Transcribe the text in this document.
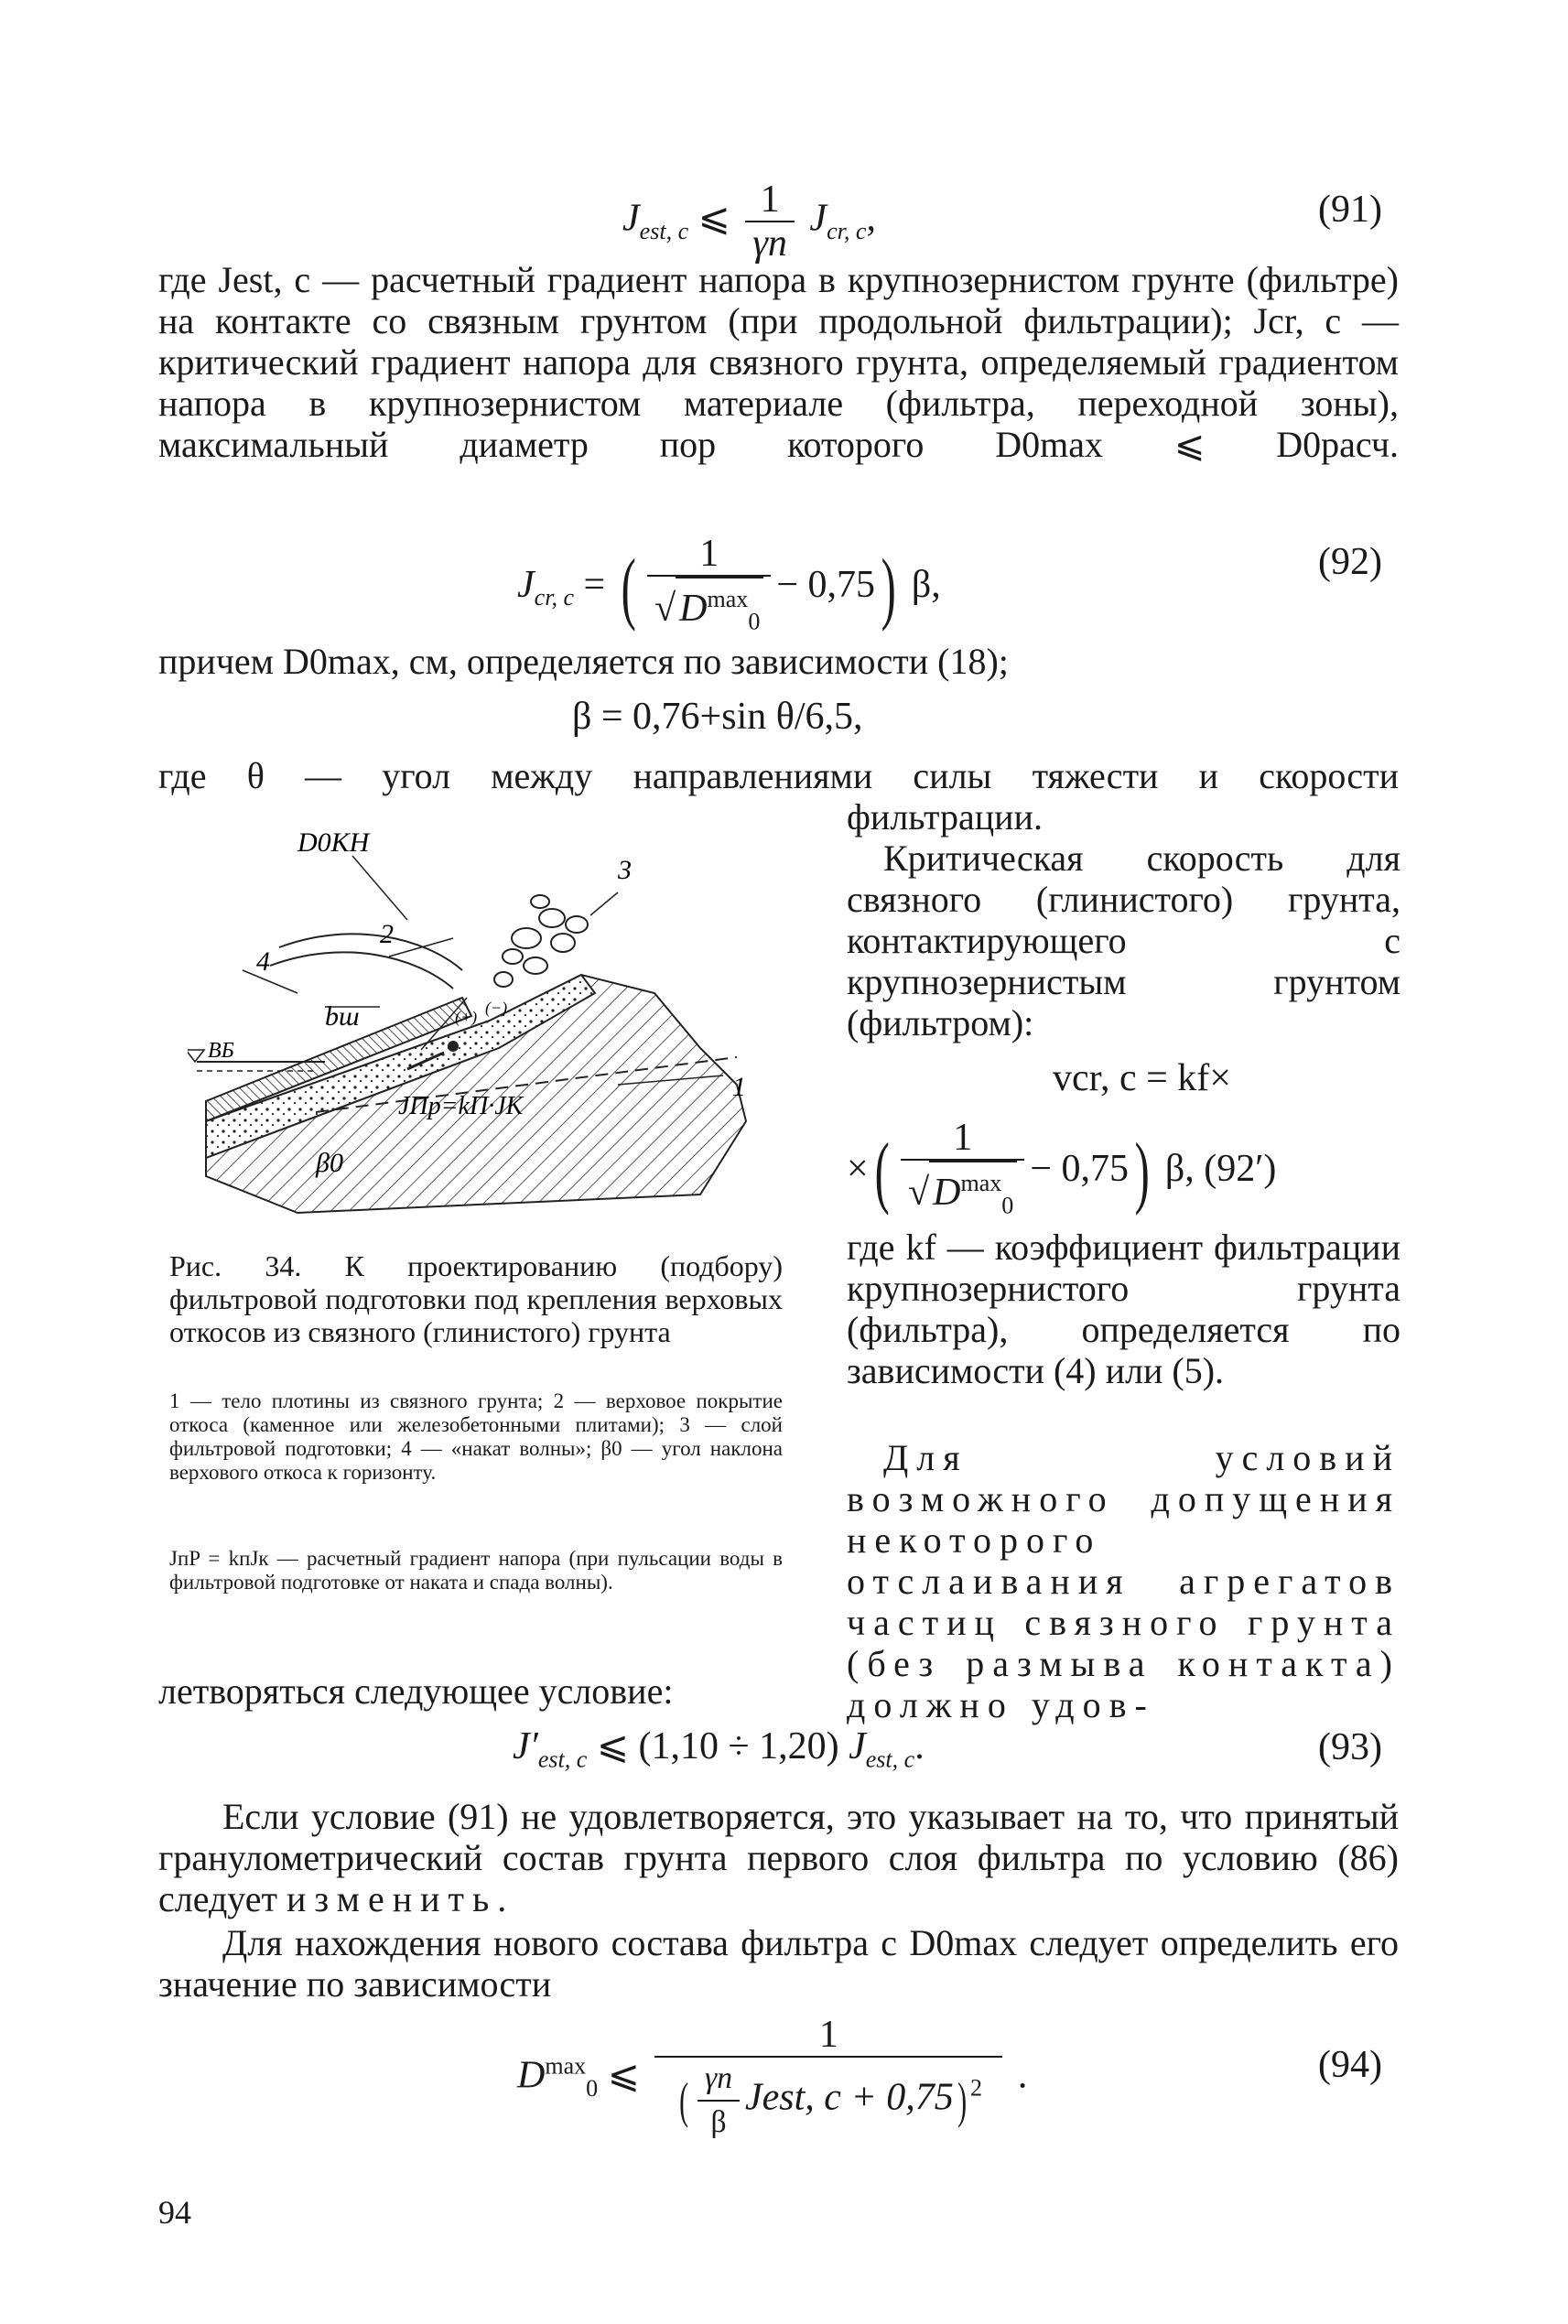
$J_{est, c}$ ⩽ $\frac{1}{\gamma n} J_{cr, c}$,	(91)
где Jest, c — расчетный градиент напора в крупнозернистом грунте (фильтре) на контакте со связным грунтом (при продольной фильтрации); Jcr, c — критический градиент напора для связного грунта, определяемый градиентом напора в крупнозернистом материале (фильтра, переходной зоны), максимальный диаметр пор которого D0max ⩽ D0расч.
$J_{cr, c}$ = ( $\frac{1}{√D^{max}_0} - 0,75$) β,
(92)
причем D0max, см, определяется по зависимости (18);
β = 0,76+sin θ/6,5,
где θ — угол между направлениями силы тяжести и скорости
D0КН
3
2
4
bш
ВБ
JПp=kП·JК
1
β0
(+) (−)
Рис. 34. К проектированию (подбору) фильтровой подготовки под крепления верховых откосов из связного (глинистого) грунта
1 — тело плотины из связного грунта; 2 — верховое покрытие откоса (каменное или железобетонными плитами); 3 — слой фильтровой подготовки; 4 — «накат волны»; β0 — угол наклона верхового откоса к горизонту.
JпP = kпJк — расчетный градиент напора (при пульсации воды в фильтровой подготовке от наката и спада волны).
фильтрации.
Критическая скорость для связного (глинистого) грунта, контактирующего с крупнозернистым грунтом (фильтром):
vcr, c = kf×
×( $\frac{1}{√D^{max}_0} - 0,75$) β, (92′)
где kf — коэффициент фильтрации крупнозернистого грунта (фильтра), определяется по зависимости (4) или (5).
Для условий возможного допущения некоторого отслаивания агрегатов частиц связного грунта (без размыва контакта) должно удов-
летворяться следующее условие:
$J'_{est, c}$ ⩽ (1,10 ÷ 1,20) $J_{est, c}$.	(93)
Если условие (91) не удовлетворяется, это указывает на то, что принятый гранулометрический состав грунта первого слоя фильтра по условию (86) следует изменить.
Для нахождения нового состава фильтра с D0max следует определить его значение по зависимости
$D^{max}_0$ ⩽ $\frac{1}{( \frac{\gamma n}{\beta} Jest, c + 0,75) ^2}$ .	(94)
94
